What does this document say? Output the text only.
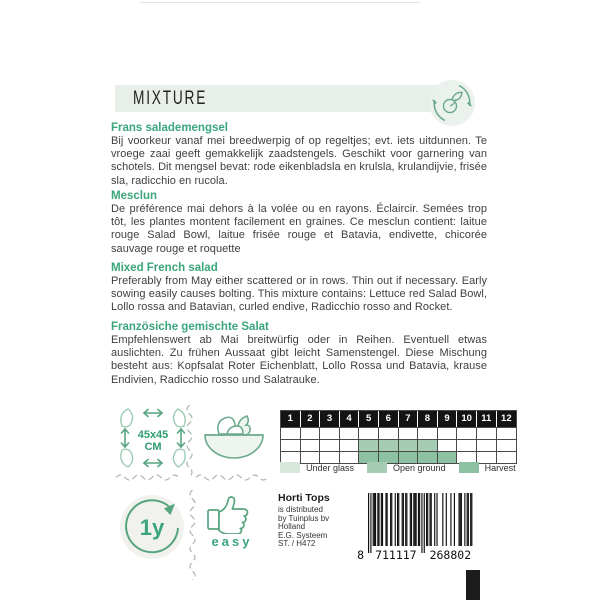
MIXTURE
Frans salademengsel
Bij voorkeur vanaf mei breedwerpig of op regeltjes; evt. iets uitdunnen. Te vroege zaai geeft gemakkelijk zaadstengels. Geschikt voor garnering van schotels. Dit mengsel bevat: rode eikenbladsla en krulsla, krulandijvie, frisée sla, radicchio en rucola.
Mesclun
De préférence mai dehors à la volée ou en rayons. Éclaircir. Semées trop tôt, les plantes montent facilement en graines. Ce mesclun contient: laitue rouge Salad Bowl, laitue frisée rouge et Batavia, endivette, chicorée sauvage rouge et roquette
Mixed French salad
Preferably from May either scattered or in rows. Thin out if necessary. Early sowing easily causes bolting. This mixture contains: Lettuce red Salad Bowl, Lollo rossa and Batavian, curled endive, Radicchio rosso and Rocket.
Französiche gemischte Salat
Empfehlenswert ab Mai breitwürfig oder in Reihen. Eventuell etwas auslichten. Zu frühen Aussaat gibt leicht Samenstengel. Diese Mischung besteht aus: Kopfsalat Roter Eichenblatt, Lollo Rossa und Batavia, krause Endivien, Radicchio rosso und Salatrauke.
45x45
CM
1y
easy
1	2	3	4	5	6	7	8	9	10 11	12
Under glass	Open ground	Harvest
Horti Tops
is distributed
by Tuinplus bv
Holland
E.G. Systeem
ST. / H472
8 711117 268802
